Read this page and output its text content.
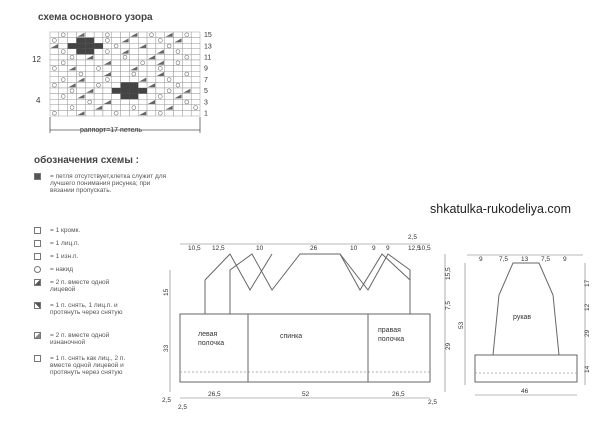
схема основного узора
12
4
15
13
11
9
7
5
3
1
раппорт=17 петель
обозначения схемы :
= петля отсутствует,клетка служит для
лучшего понимания рисунка; при
вязании пропускать.
= 1 кромк.
= 1 лиц.п.
= 1 изн.п.
= накид
= 2 п. вместе одной
лицевой
= 1 п. снять, 1 лиц.п. и
протянуть через снятую
= 2 п. вместе одной
изнаночной
= 1 п. снять как лиц., 2 п.
вместе одной лицевой и
протянуть через снятую
shkatulka-rukodeliya.com
левая полочка
спинка
правая полочка
10,5 12,5	10	26	10 9 9	12,5
10,5
2,5
15
33
2,5
15,5
7,5
29
2,5
26,5	52	26,5
2,5
рукав
9	7,5 13 7,5 9
17
12
29
14
53
46
